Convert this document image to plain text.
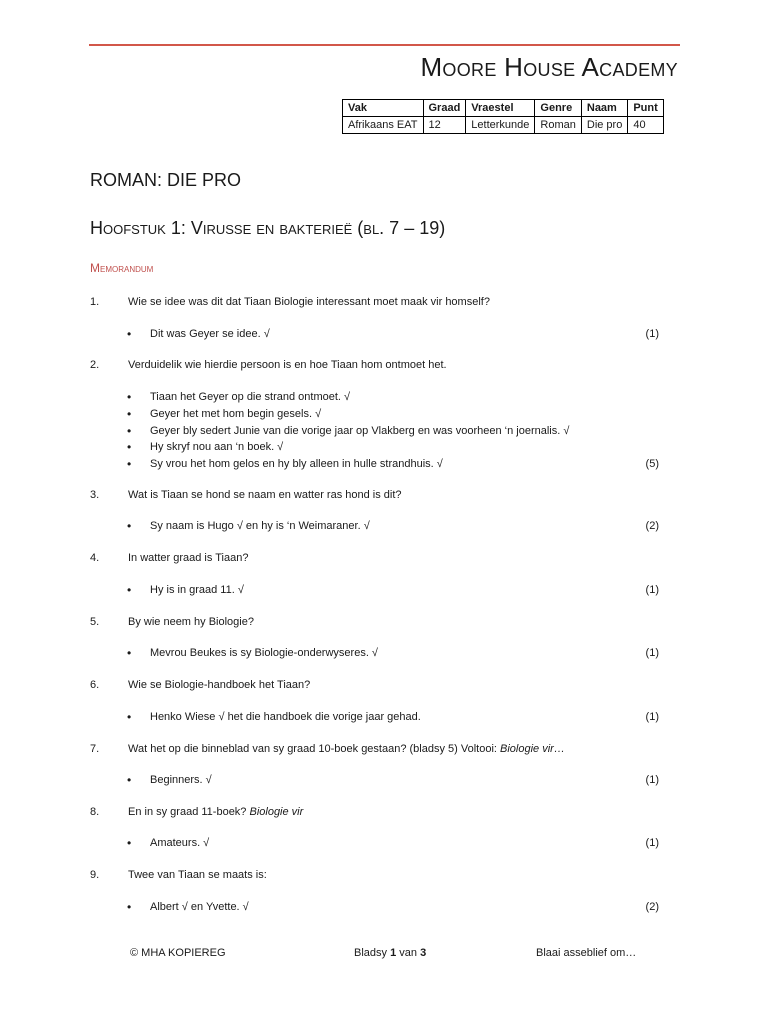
Moore House Academy
Vak	Graad	Vraestel	Genre	Naam	Punt
Afrikaans EAT	12	Letterkunde	Roman	Die pro	40
ROMAN: DIE PRO
Hoofstuk 1: Virusse en bakterieë (bl. 7 – 19)
Memorandum
1.	Wie se idee was dit dat Tiaan Biologie interessant moet maak vir homself?
• Dit was Geyer se idee. √	(1)
2.	Verduidelik wie hierdie persoon is en hoe Tiaan hom ontmoet het.
• Tiaan het Geyer op die strand ontmoet. √
• Geyer het met hom begin gesels. √
• Geyer bly sedert Junie van die vorige jaar op Vlakberg en was voorheen ‘n joernalis. √
• Hy skryf nou aan ‘n boek. √
• Sy vrou het hom gelos en hy bly alleen in hulle strandhuis. √	(5)
3.	Wat is Tiaan se hond se naam en watter ras hond is dit?
• Sy naam is Hugo √ en hy is ‘n Weimaraner. √	(2)
4.	In watter graad is Tiaan?
• Hy is in graad 11. √	(1)
5.	By wie neem hy Biologie?
• Mevrou Beukes is sy Biologie-onderwyseres. √	(1)
6.	Wie se Biologie-handboek het Tiaan?
• Henko Wiese √ het die handboek die vorige jaar gehad.	(1)
7.	Wat het op die binneblad van sy graad 10-boek gestaan? (bladsy 5) Voltooi: Biologie vir…
• Beginners. √	(1)
8.	En in sy graad 11-boek? Biologie vir
• Amateurs. √	(1)
9.	Twee van Tiaan se maats is:
• Albert √ en Yvette. √	(2)
© MHA KOPIEREG	Bladsy 1 van 3	Blaai asseblief om…
